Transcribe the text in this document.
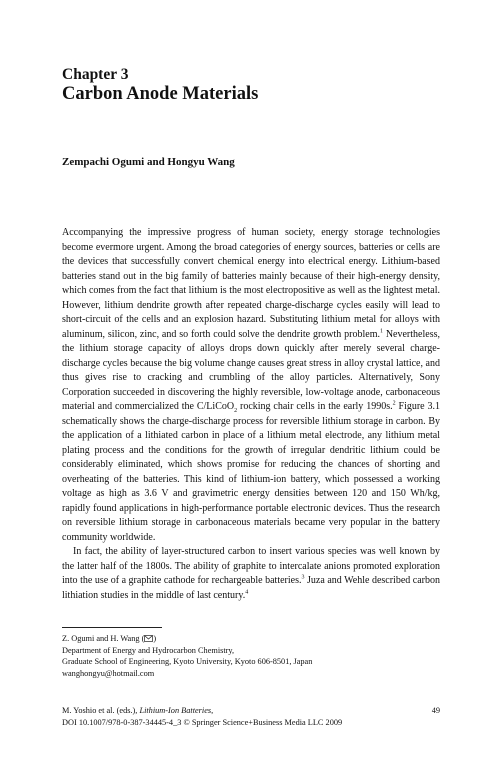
Chapter 3
Carbon Anode Materials
Zempachi Ogumi and Hongyu Wang

Accompanying the impressive progress of human society, energy storage technologies become evermore urgent. Among the broad categories of energy sources, batteries or cells are the devices that successfully convert chemical energy into electrical energy. Lithium-based batteries stand out in the big family of batteries mainly because of their high-energy density, which comes from the fact that lithium is the most electropositive as well as the lightest metal. However, lithium dendrite growth after repeated charge-discharge cycles easily will lead to short-circuit of the cells and an explosion hazard. Substituting lithium metal for alloys with aluminum, silicon, zinc, and so forth could solve the dendrite growth problem.$^1$ Nevertheless, the lithium storage capacity of alloys drops down quickly after merely several charge-discharge cycles because the big volume change causes great stress in alloy crystal lattice, and thus gives rise to cracking and crumbling of the alloy particles. Alternatively, Sony Corporation succeeded in discovering the highly reversible, low-voltage anode, carbonaceous material and commercialized the C/LiCoO$_2$ rocking chair cells in the early 1990s.$^2$ Figure 3.1 schematically shows the charge-discharge process for reversible lithium storage in carbon. By the application of a lithiated carbon in place of a lithium metal electrode, any lithium metal plating process and the conditions for the growth of irregular dendritic lithium could be considerably eliminated, which shows promise for reducing the chances of shorting and overheating of the batteries. This kind of lithium-ion battery, which possessed a working voltage as high as 3.6 V and gravimetric energy densities between 120 and 150 Wh/kg, rapidly found applications in high-performance portable electronic devices. Thus the research on reversible lithium storage in carbonaceous materials became very popular in the battery community worldwide.

In fact, the ability of layer-structured carbon to insert various species was well known by the latter half of the 1800s. The ability of graphite to intercalate anions promoted exploration into the use of a graphite cathode for rechargeable batteries.$^3$ Juza and Wehle described carbon lithiation studies in the middle of last century.$^4$

Z. Ogumi and H. Wang ( )
Department of Energy and Hydrocarbon Chemistry,
Graduate School of Engineering, Kyoto University, Kyoto 606-8501, Japan
wanghongyu@hotmail.com
M. Yoshio et al. (eds.), Lithium-Ion Batteries,
DOI 10.1007/978-0-387-34445-4_3 © Springer Science+Business Media LLC 2009
49
